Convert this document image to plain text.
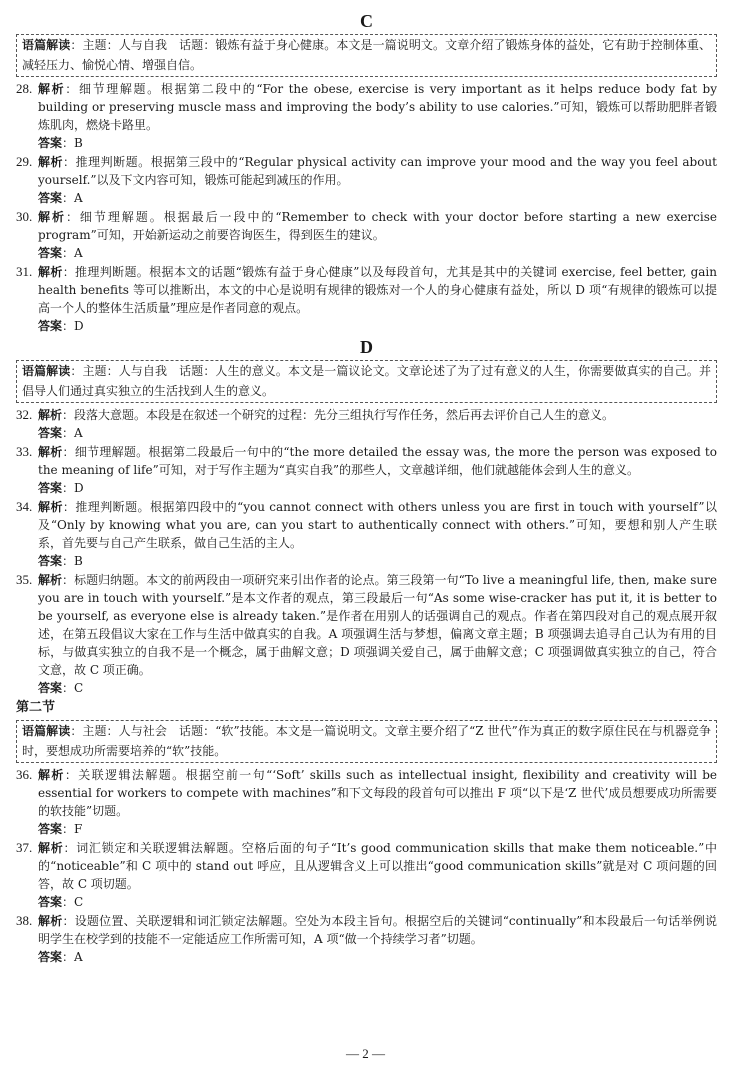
C
语篇解读：主题：人与自我　话题：锻炼有益于身心健康。本文是一篇说明文。文章介绍了锻炼身体的益处，它有助于控制体重、减轻压力、愉悦心情、增强自信。
28. 解析：细节理解题。根据第二段中的“For the obese, exercise is very important as it helps reduce body fat by building or preserving muscle mass and improving the body’s ability to use calories.”可知，锻炼可以帮助肥胖者锻炼肌肉，燃烧卡路里。
答案：B
29. 解析：推理判断题。根据第三段中的“Regular physical activity can improve your mood and the way you feel about yourself.”以及下文内容可知，锻炼可能起到减压的作用。
答案：A
30. 解析：细节理解题。根据最后一段中的“Remember to check with your doctor before starting a new exercise program”可知，开始新运动之前要咨询医生，得到医生的建议。
答案：A
31. 解析：推理判断题。根据本文的话题“锻炼有益于身心健康”以及每段首句，尤其是其中的关键词 exercise, feel better, gain health benefits 等可以推断出，本文的中心是说明有规律的锻炼对一个人的身心健康有益处，所以 D 项“有规律的锻炼可以提高一个人的整体生活质量”理应是作者同意的观点。
答案：D
D
语篇解读：主题：人与自我　话题：人生的意义。本文是一篇议论文。文章论述了为了过有意义的人生，你需要做真实的自己。并倡导人们通过真实独立的生活找到人生的意义。
32. 解析：段落大意题。本段是在叙述一个研究的过程：先分三组执行写作任务，然后再去评价自己人生的意义。
答案：A
33. 解析：细节理解题。根据第二段最后一句中的“the more detailed the essay was, the more the person was exposed to the meaning of life”可知，对于写作主题为“真实自我”的那些人，文章越详细，他们就越能体会到人生的意义。
答案：D
34. 解析：推理判断题。根据第四段中的“you cannot connect with others unless you are first in touch with yourself”以及“Only by knowing what you are, can you start to authentically connect with others.”可知，要想和别人产生联系，首先要与自己产生联系，做自己生活的主人。
答案：B
35. 解析：标题归纳题。本文的前两段由一项研究来引出作者的论点。第三段第一句“To live a meaningful life, then, make sure you are in touch with yourself.”是本文作者的观点，第三段最后一句“As some wise-cracker has put it, it is better to be yourself, as everyone else is already taken.”是作者在用别人的话强调自己的观点。作者在第四段对自己的观点展开叙述，在第五段倡议大家在工作与生活中做真实的自我。A 项强调生活与梦想，偏离文章主题；B 项强调去追寻自己认为有用的目标，与做真实独立的自我不是一个概念，属于曲解文意；D 项强调关爱自己，属于曲解文意；C 项强调做真实独立的自己，符合文意，故 C 项正确。
答案：C
第二节
语篇解读：主题：人与社会　话题：“软”技能。本文是一篇说明文。文章主要介绍了“Z 世代”作为真正的数字原住民在与机器竞争时，要想成功所需要培养的“软”技能。
36. 解析：关联逻辑法解题。根据空前一句“‘Soft’ skills such as intellectual insight, flexibility and creativity will be essential for workers to compete with machines”和下文每段的段首句可以推出 F 项“以下是‘Z 世代’成员想要成功所需要的软技能”切题。
答案：F
37. 解析：词汇锁定和关联逻辑法解题。空格后面的句子“It’s good communication skills that make them noticeable.”中的“noticeable”和 C 项中的 stand out 呼应，且从逻辑含义上可以推出“good communication skills”就是对 C 项问题的回答，故 C 项切题。
答案：C
38. 解析：设题位置、关联逻辑和词汇锁定法解题。空处为本段主旨句。根据空后的关键词“continually”和本段最后一句话举例说明学生在校学到的技能不一定能适应工作所需可知，A 项“做一个持续学习者”切题。
答案：A
— 2 —
